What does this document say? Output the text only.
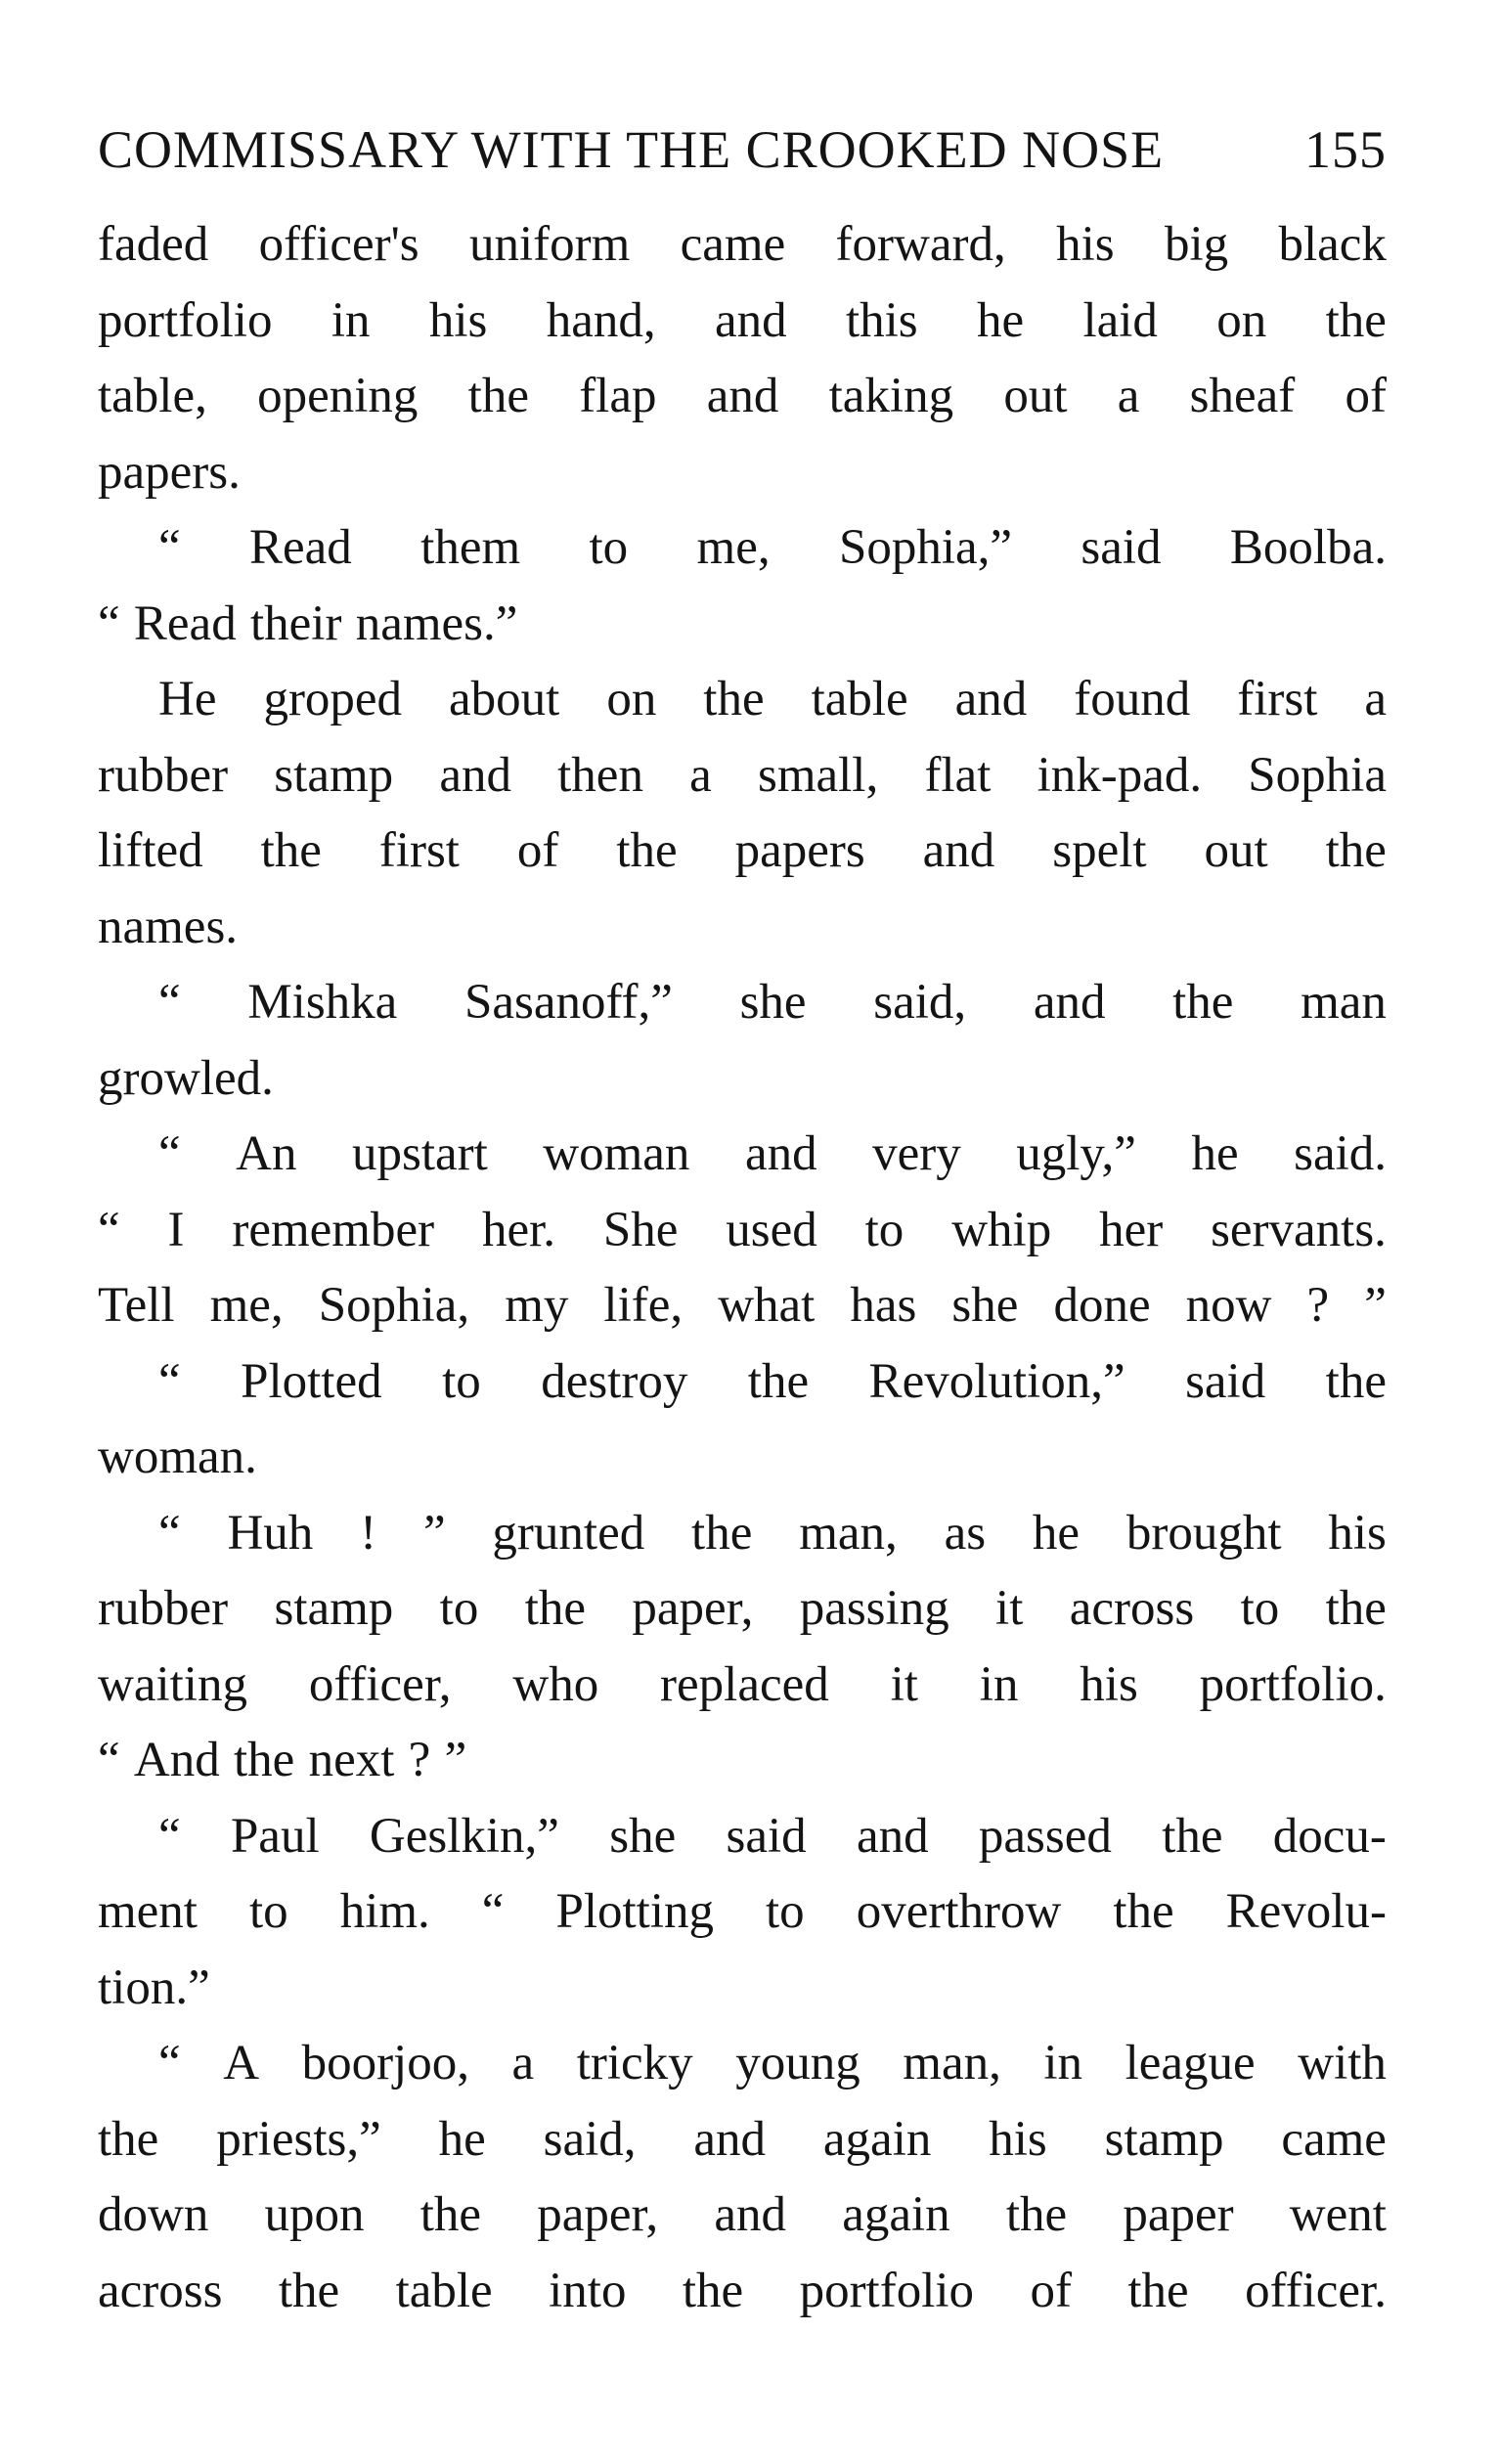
COMMISSARY WITH THE CROOKED NOSE	155
faded officer's uniform came forward, his big black
portfolio in his hand, and this he laid on the
table, opening the flap and taking out a sheaf of
papers.
“ Read them to me, Sophia,” said Boolba.
“ Read their names.”
He groped about on the table and found first a
rubber stamp and then a small, flat ink-pad. Sophia
lifted the first of the papers and spelt out the
names.
“ Mishka Sasanoff,” she said, and the man
growled.
“ An upstart woman and very ugly,” he said.
“ I remember her. She used to whip her servants.
Tell me, Sophia, my life, what has she done now ? ”
“ Plotted to destroy the Revolution,” said the
woman.
“ Huh ! ” grunted the man, as he brought his
rubber stamp to the paper, passing it across to the
waiting officer, who replaced it in his portfolio.
“ And the next ? ”
“ Paul Geslkin,” she said and passed the docu-
ment to him. “ Plotting to overthrow the Revolu-
tion.”
“ A boorjoo, a tricky young man, in league with
the priests,” he said, and again his stamp came
down upon the paper, and again the paper went
across the table into the portfolio of the officer.
